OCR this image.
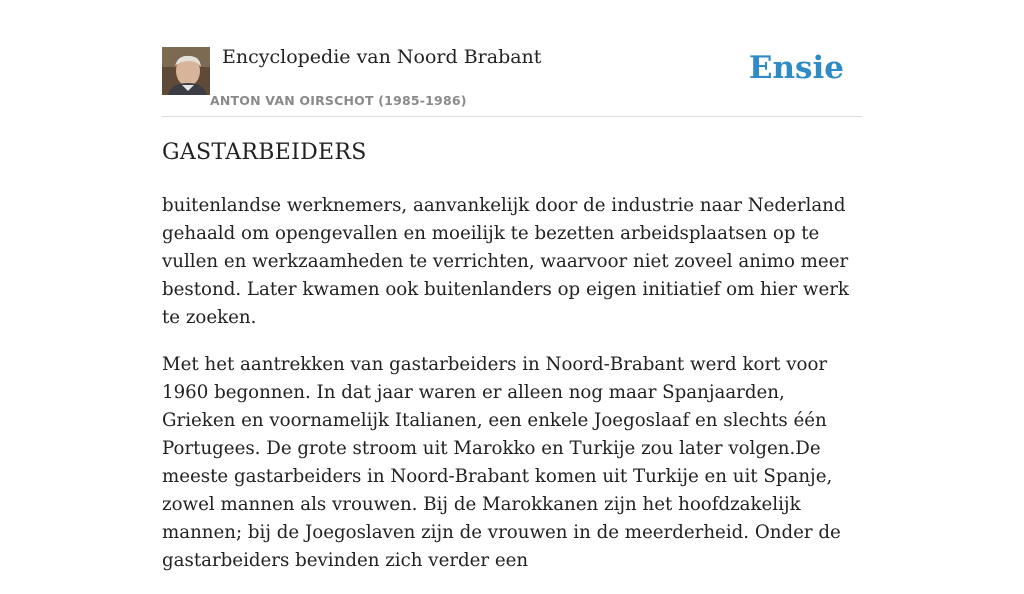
Encyclopedie van Noord Brabant
ANTON VAN OIRSCHOT (1985-1986)
Ensie
GASTARBEIDERS

buitenlandse werknemers, aanvankelijk door de industrie naar Nederland gehaald om opengevallen en moeilijk te bezetten arbeidsplaatsen op te vullen en werkzaamheden te verrichten, waarvoor niet zoveel animo meer bestond. Later kwamen ook buitenlanders op eigen initiatief om hier werk te zoeken.

Met het aantrekken van gastarbeiders in Noord-Brabant werd kort voor 1960 begonnen. In dat jaar waren er alleen nog maar Spanjaarden, Grieken en voornamelijk Italianen, een enkele Joegoslaaf en slechts één Portugees. De grote stroom uit Marokko en Turkije zou later volgen.De meeste gastarbeiders in Noord-Brabant komen uit Turkije en uit Spanje, zowel mannen als vrouwen. Bij de Marokkanen zijn het hoofdzakelijk mannen; bij de Joegoslaven zijn de vrouwen in de meerderheid. Onder de gastarbeiders bevinden zich verder een
